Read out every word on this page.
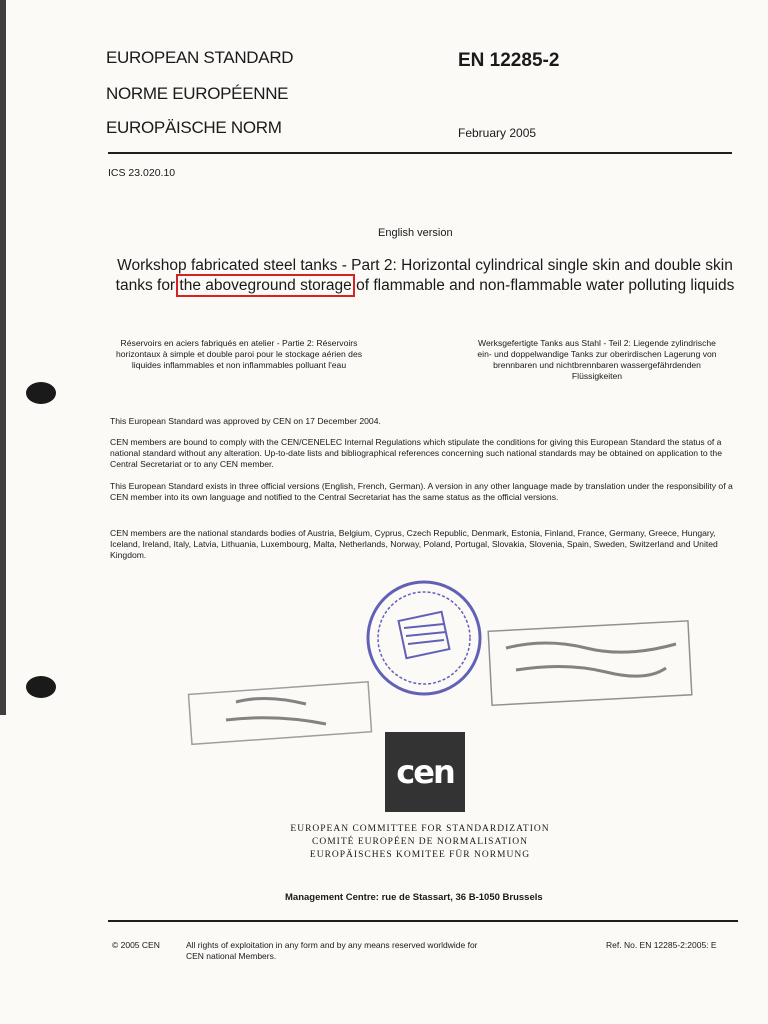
EUROPEAN STANDARD
NORME EUROPÉENNE
EUROPÄISCHE NORM
EN 12285-2
February 2005
ICS 23.020.10
English version
Workshop fabricated steel tanks - Part 2: Horizontal cylindrical single skin and double skin tanks for the aboveground storage of flammable and non-flammable water polluting liquids
Réservoirs en aciers fabriqués en atelier - Partie 2: Réservoirs horizontaux à simple et double paroi pour le stockage aérien des liquides inflammables et non inflammables polluant l'eau
Werksgefertigte Tanks aus Stahl - Teil 2: Liegende zylindrische ein- und doppelwandige Tanks zur oberirdischen Lagerung von brennbaren und nichtbrennbaren wassergefährdenden Flüssigkeiten
This European Standard was approved by CEN on 17 December 2004.
CEN members are bound to comply with the CEN/CENELEC Internal Regulations which stipulate the conditions for giving this European Standard the status of a national standard without any alteration. Up-to-date lists and bibliographical references concerning such national standards may be obtained on application to the Central Secretariat or to any CEN member.
This European Standard exists in three official versions (English, French, German). A version in any other language made by translation under the responsibility of a CEN member into its own language and notified to the Central Secretariat has the same status as the official versions.
CEN members are the national standards bodies of Austria, Belgium, Cyprus, Czech Republic, Denmark, Estonia, Finland, France, Germany, Greece, Hungary, Iceland, Ireland, Italy, Latvia, Lithuania, Luxembourg, Malta, Netherlands, Norway, Poland, Portugal, Slovakia, Slovenia, Spain, Sweden, Switzerland and United Kingdom.
cen
EUROPEAN COMMITTEE FOR STANDARDIZATION
COMITÉ EUROPÉEN DE NORMALISATION
EUROPÄISCHES KOMITEE FÜR NORMUNG
Management Centre: rue de Stassart, 36 B-1050 Brussels
© 2005 CEN	All rights of exploitation in any form and by any means reserved worldwide for CEN national Members.
Ref. No. EN 12285-2:2005: E
